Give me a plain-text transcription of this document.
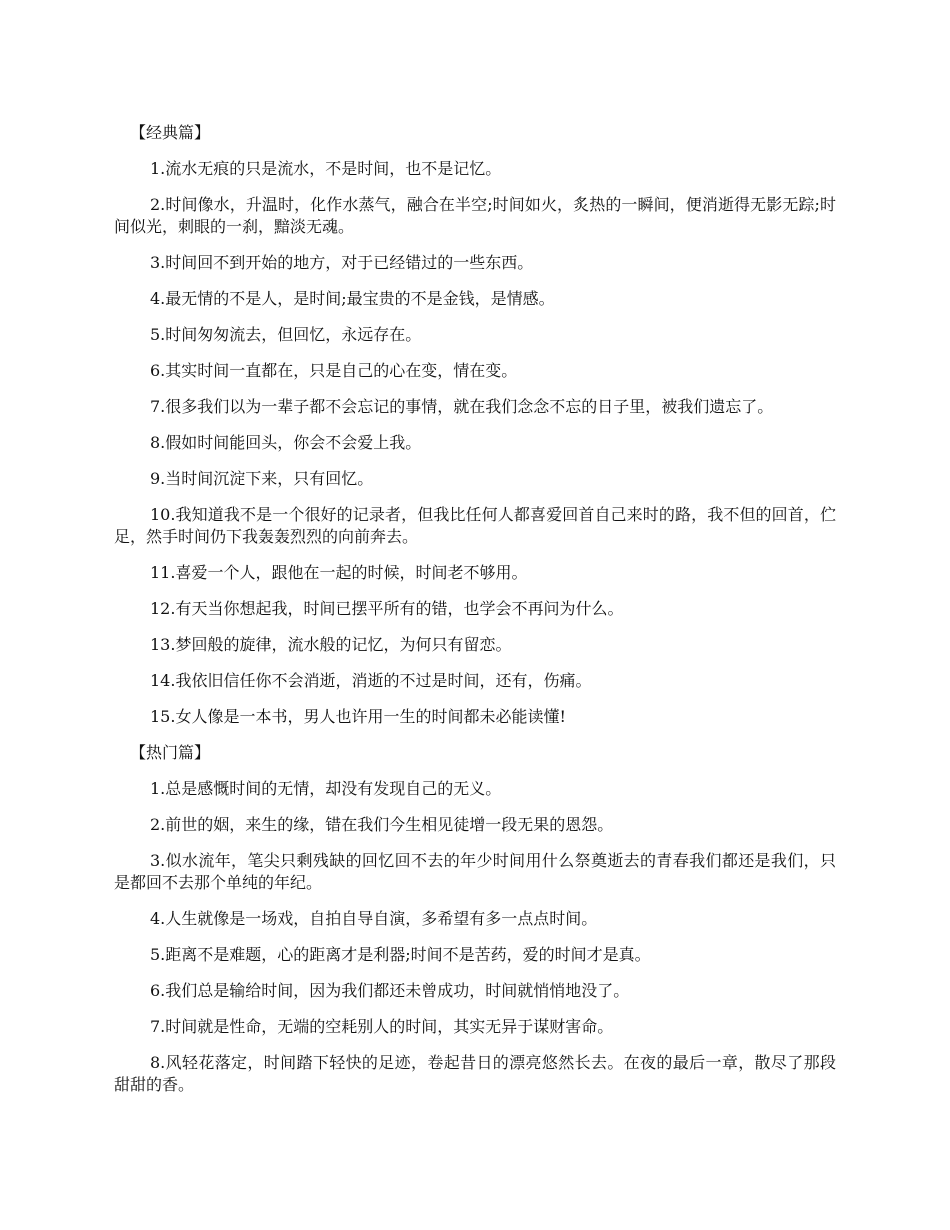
【经典篇】

1.流水无痕的只是流水，不是时间，也不是记忆。

2.时间像水，升温时，化作水蒸气，融合在半空;时间如火，炙热的一瞬间，便消逝得无影无踪;时间似光，刺眼的一刹，黯淡无魂。

3.时间回不到开始的地方，对于已经错过的一些东西。

4.最无情的不是人，是时间;最宝贵的不是金钱，是情感。

5.时间匆匆流去，但回忆，永远存在。

6.其实时间一直都在，只是自己的心在变，情在变。

7.很多我们以为一辈子都不会忘记的事情，就在我们念念不忘的日子里，被我们遗忘了。

8.假如时间能回头，你会不会爱上我。

9.当时间沉淀下来，只有回忆。

10.我知道我不是一个很好的记录者，但我比任何人都喜爱回首自己来时的路，我不但的回首，伫足，然手时间仍下我轰轰烈烈的向前奔去。

11.喜爱一个人，跟他在一起的时候，时间老不够用。

12.有天当你想起我，时间已摆平所有的错，也学会不再问为什么。

13.梦回般的旋律，流水般的记忆，为何只有留恋。

14.我依旧信任你不会消逝，消逝的不过是时间，还有，伤痛。

15.女人像是一本书，男人也许用一生的时间都未必能读懂!

【热门篇】

1.总是感慨时间的无情，却没有发现自己的无义。

2.前世的姻，来生的缘，错在我们今生相见徒增一段无果的恩怨。

3.似水流年，笔尖只剩残缺的回忆回不去的年少时间用什么祭奠逝去的青春我们都还是我们，只是都回不去那个单纯的年纪。

4.人生就像是一场戏，自拍自导自演，多希望有多一点点时间。

5.距离不是难题，心的距离才是利器;时间不是苦药，爱的时间才是真。

6.我们总是输给时间，因为我们都还未曾成功，时间就悄悄地没了。

7.时间就是性命，无端的空耗别人的时间，其实无异于谋财害命。

8.风轻花落定，时间踏下轻快的足迹，卷起昔日的漂亮悠然长去。在夜的最后一章，散尽了那段甜甜的香。
